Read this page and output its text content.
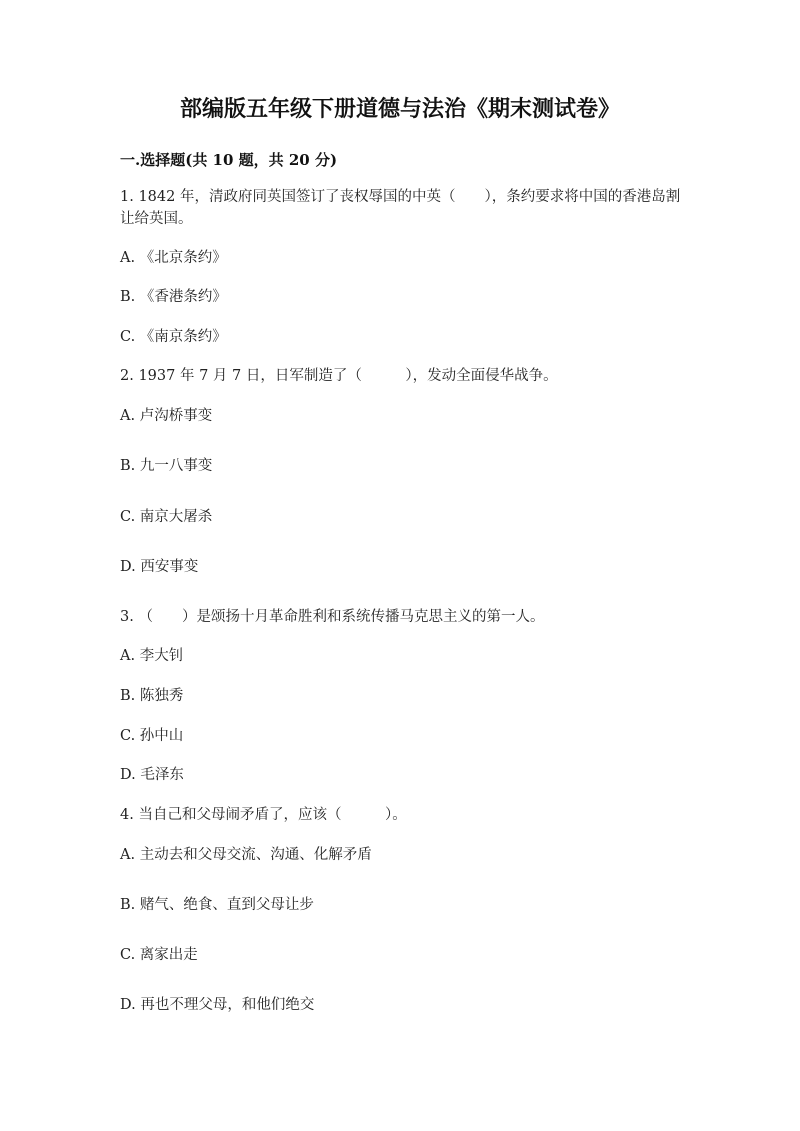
部编版五年级下册道德与法治《期末测试卷》
一.选择题(共 10 题，共 20 分)
1. 1842 年，清政府同英国签订了丧权辱国的中英（　　），条约要求将中国的香港岛割让给英国。
A. 《北京条约》
B. 《香港条约》
C. 《南京条约》
2. 1937 年 7 月 7 日，日军制造了（　　　），发动全面侵华战争。
A. 卢沟桥事变
B. 九一八事变
C. 南京大屠杀
D. 西安事变
3. （　　）是颂扬十月革命胜利和系统传播马克思主义的第一人。
A. 李大钊
B. 陈独秀
C. 孙中山
D. 毛泽东
4. 当自己和父母闹矛盾了，应该（　　　）。
A. 主动去和父母交流、沟通、化解矛盾
B. 赌气、绝食、直到父母让步
C. 离家出走
D. 再也不理父母，和他们绝交
